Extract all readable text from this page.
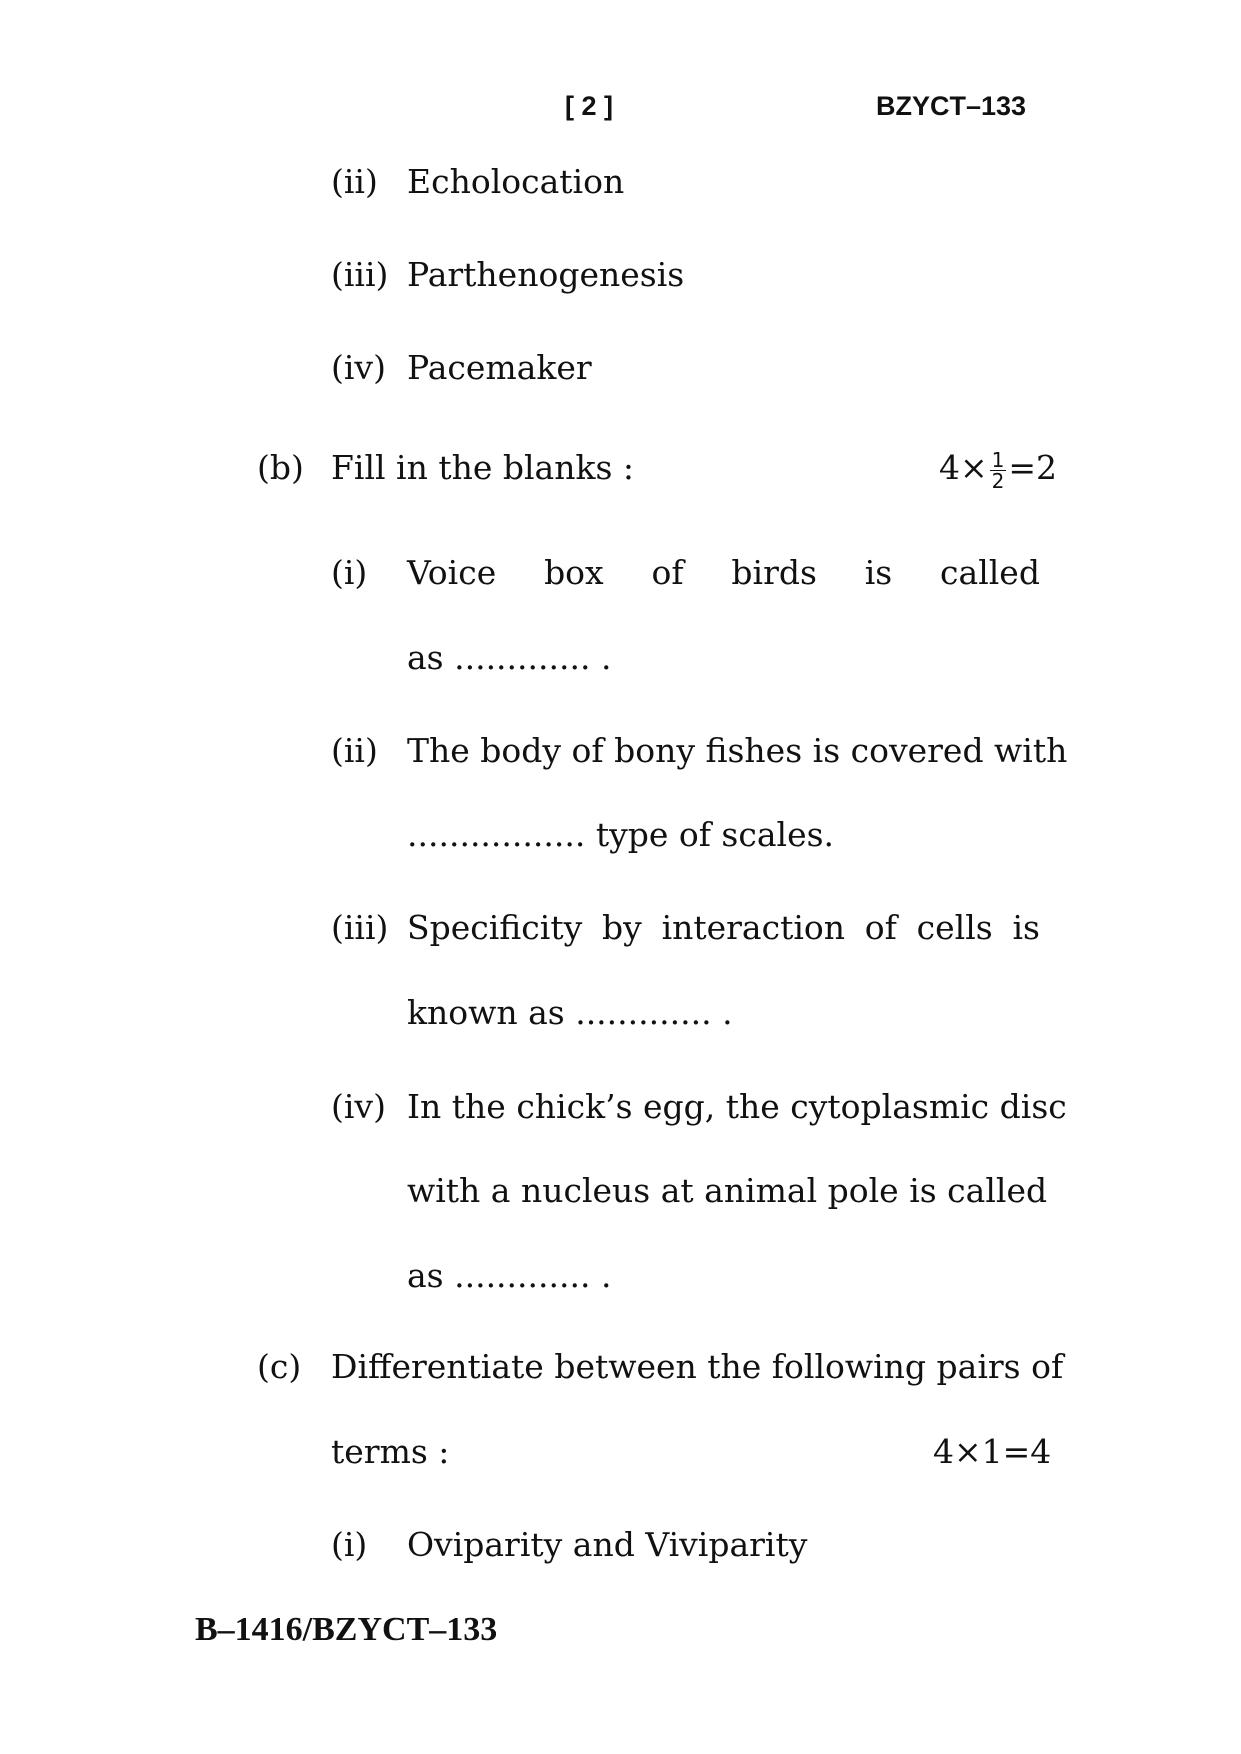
[ 2 ]	BZYCT–133
(ii) Echolocation
(iii) Parthenogenesis
(iv) Pacemaker
(b) Fill in the blanks :	$4\times \frac{1}{2} =2$
(i) Voice box of birds is called
as ............. .
(ii) The body of bony fishes is covered with
................. type of scales.
(iii) Specificity by interaction of cells is
known as ............. .
(iv) In the chick’s egg, the cytoplasmic disc
with a nucleus at animal pole is called
as ............. .
(c) Differentiate between the following pairs of
terms :	4×1=4
(i) Oviparity and Viviparity
B–1416/BZYCT–133
